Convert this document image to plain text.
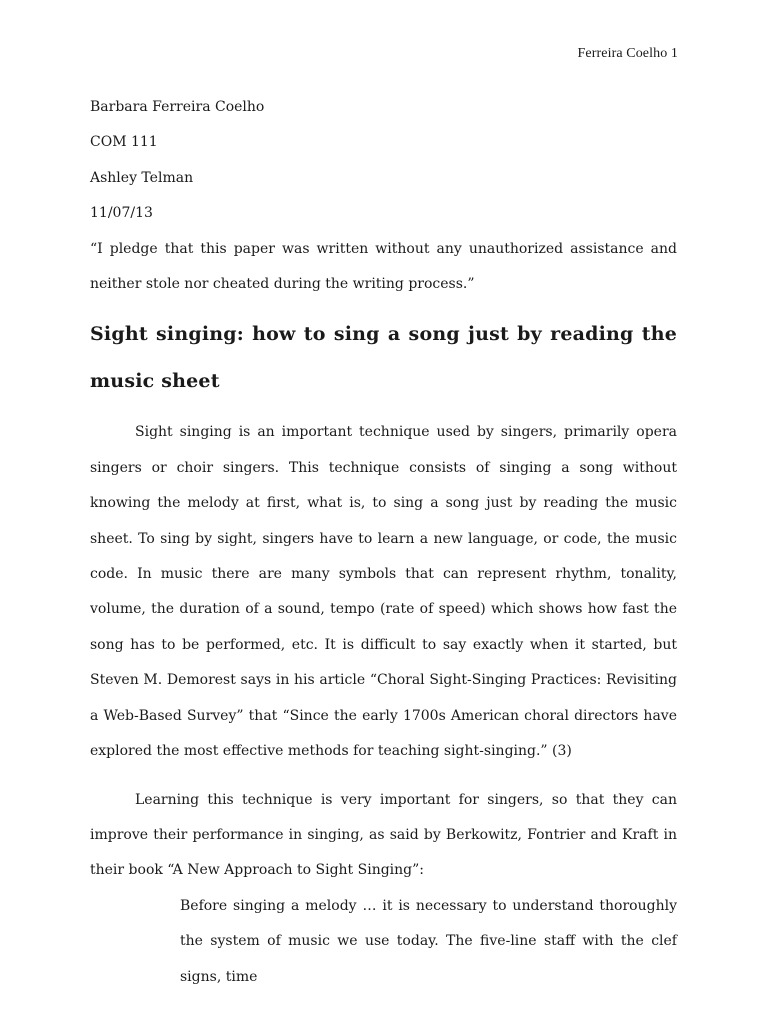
Ferreira Coelho 1

Barbara Ferreira Coelho

COM 111

Ashley Telman

11/07/13

“I pledge that this paper was written without any unauthorized assistance and neither stole nor cheated during the writing process.”

Sight singing: how to sing a song just by reading the music sheet

Sight singing is an important technique used by singers, primarily opera singers or choir singers. This technique consists of singing a song without knowing the melody at first, what is, to sing a song just by reading the music sheet. To sing by sight, singers have to learn a new language, or code, the music code. In music there are many symbols that can represent rhythm, tonality, volume, the duration of a sound, tempo (rate of speed) which shows how fast the song has to be performed, etc. It is difficult to say exactly when it started, but Steven M. Demorest says in his article “Choral Sight-Singing Practices: Revisiting a Web-Based Survey” that “Since the early 1700s American choral directors have explored the most effective methods for teaching sight-singing.” (3)

Learning this technique is very important for singers, so that they can improve their performance in singing, as said by Berkowitz, Fontrier and Kraft in their book “A New Approach to Sight Singing”:

Before singing a melody … it is necessary to understand thoroughly the system of music we use today. The five-line staff with the clef signs, time
